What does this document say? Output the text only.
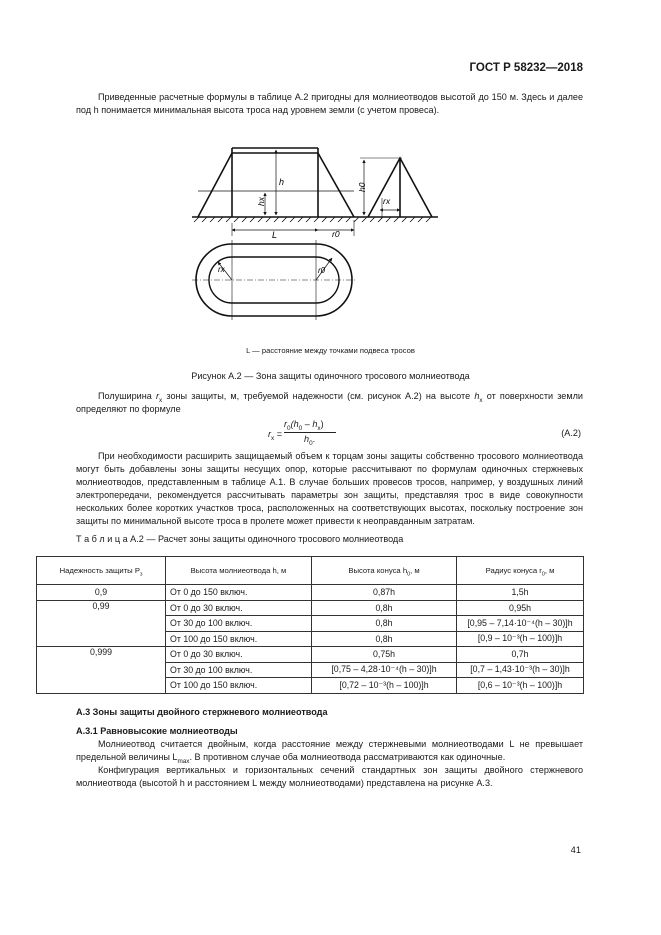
ГОСТ Р 58232—2018
Приведенные расчетные формулы в таблице А.2 пригодны для молниеотводов высотой до 150 м. Здесь и далее под h понимается минимальная высота троса над уровнем земли (с учетом провеса).
h
hx
L	r0
h0
rx
rx	r0
L — расстояние между точками подвеса тросов
Рисунок А.2 — Зона защиты одиночного тросового молниеотвода
Полуширина $r_x$ зоны защиты, м, требуемой надежности (см. рисунок А.2) на высоте $h_x$ от поверхности земли определяют по формуле
$r_x$ =
$r_0(h_0 - h_x)$
$h_0$.
(А.2)
При необходимости расширить защищаемый объем к торцам зоны защиты собственно тросового молниеотвода могут быть добавлены зоны защиты несущих опор, которые рассчитывают по формулам одиночных стержневых молниеотводов, представленным в таблице А.1. В случае больших провесов тросов, например, у воздушных линий электропередачи, рекомендуется рассчитывать параметры зон защиты, представляя трос в виде совокупности нескольких более коротких участков троса, расположенных на соответствующих высотах, поскольку построение зон защиты по минимальной высоте троса в пролете может привести к неоправданным затратам.
Т а б л и ц а А.2 — Расчет зоны защиты одиночного тросового молниеотвода
Надежность защиты $Р_з$	Высота молниеотвода h, м	Высота конуса $h_0$, м	Радиус конуса $r_0$, м
0,9	От 0 до 150 включ.	0,87h	1,5h
0,99	От 0 до 30 включ.	0,8h	0,95h
	От 30 до 100 включ.	0,8h	[0,95 – 7,14·10⁻⁴(h – 30)]h
	От 100 до 150 включ.	0,8h	[0,9 – 10⁻³(h – 100)]h
0,999	От 0 до 30 включ.	0,75h	0,7h
	От 30 до 100 включ.	[0,75 – 4,28·10⁻⁴(h – 30)]h	[0,7 – 1,43·10⁻³(h – 30)]h
	От 100 до 150 включ.	[0,72 – 10⁻³(h – 100)]h	[0,6 – 10⁻³(h – 100)]h
А.3 Зоны защиты двойного стержневого молниеотвода
А.3.1 Равновысокие молниеотводы
Молниеотвод считается двойным, когда расстояние между стержневыми молниеотводами L не превышает предельной величины $L_{max}$. В противном случае оба молниеотвода рассматриваются как одиночные.
Конфигурация вертикальных и горизонтальных сечений стандартных зон защиты двойного стержневого молниеотвода (высотой h и расстоянием L между молниеотводами) представлена на рисунке А.3.
41
